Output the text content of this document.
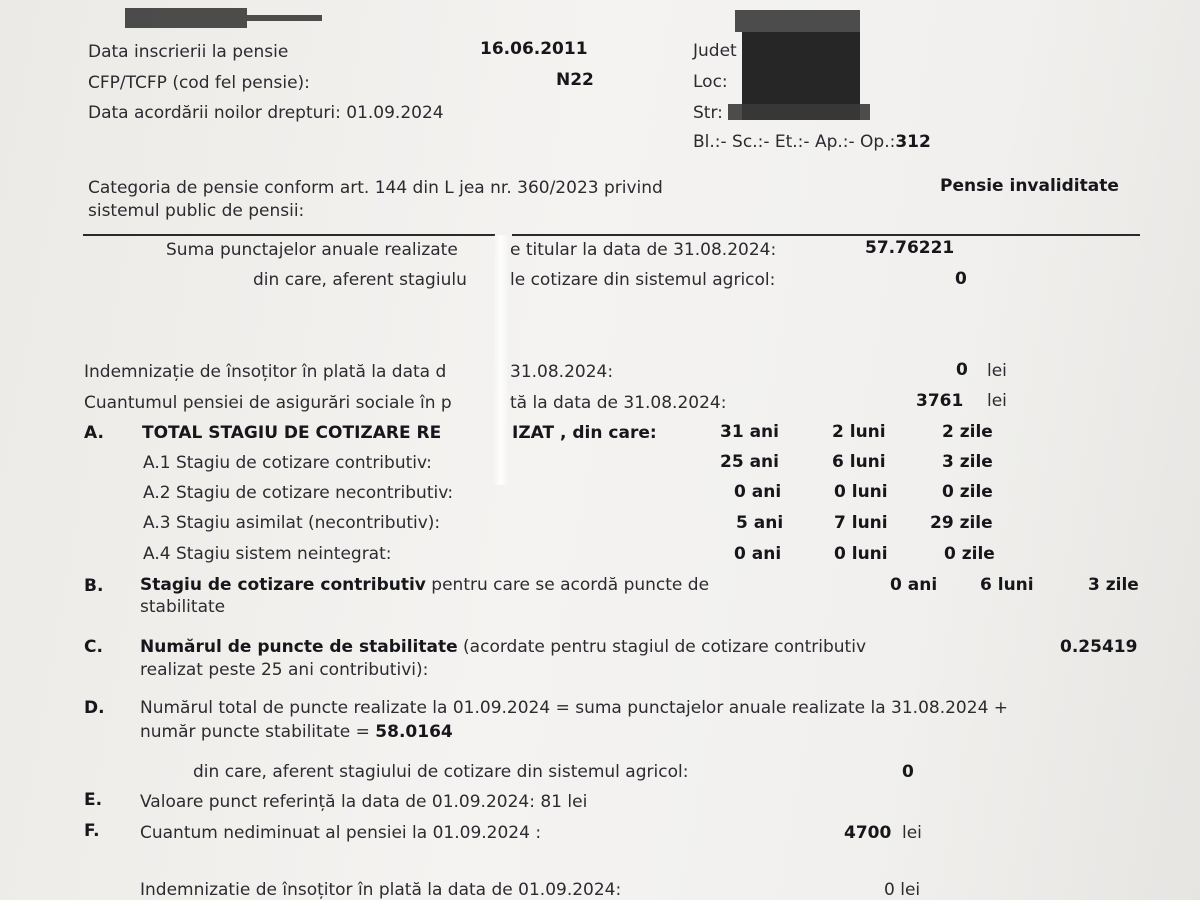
Data inscrierii la pensie	16.06.2011
CFP/TCFP (cod fel pensie):	N22
Data acordării noilor drepturi: 01.09.2024
Judet
Loc:
Str:
Bl.:- Sc.:- Et.:- Ap.:- Op.:312
Categoria de pensie conform art. 144 din L jea nr. 360/2023 privind
sistemul public de pensii:
Pensie invaliditate
Suma punctajelor anuale realizate	e titular la data de 31.08.2024:	57.76221
din care, aferent stagiulu	le cotizare din sistemul agricol:	0
Indemnizație de însoțitor în plată la data d	31.08.2024:	0 lei
Cuantumul pensiei de asigurări sociale în p	tă la data de 31.08.2024:	3761 lei
A. TOTAL STAGIU DE COTIZARE RE	IZAT , din care:	31 ani	2 luni	2 zile
A.1 Stagiu de cotizare contributiv:	25 ani	6 luni	3 zile
A.2 Stagiu de cotizare necontributiv:	0 ani	0 luni	0 zile
A.3 Stagiu asimilat (necontributiv):	5 ani	7 luni 29 zile
A.4 Stagiu sistem neintegrat:	0 ani	0 luni	0 zile
B. Stagiu de cotizare contributiv pentru care se acordă puncte de
stabilitate
0 ani	6 luni	3 zile
C. Numărul de puncte de stabilitate (acordate pentru stagiul de cotizare contributiv
realizat peste 25 ani contributivi):
0.25419
D. Numărul total de puncte realizate la 01.09.2024 = suma punctajelor anuale realizate la 31.08.2024 +
număr puncte stabilitate = 58.0164
din care, aferent stagiului de cotizare din sistemul agricol:	0
E. Valoare punct referință la data de 01.09.2024: 81 lei
F. Cuantum nediminuat al pensiei la 01.09.2024 :	4700 lei
Indemnizatie de însoțitor în plată la data de 01.09.2024:	0 lei
